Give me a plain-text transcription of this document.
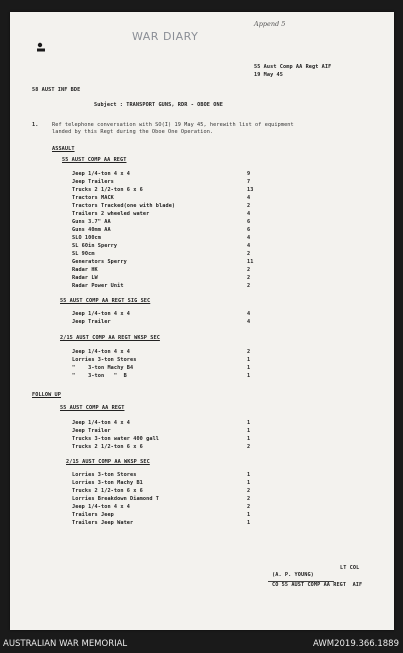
WAR DIARY
Append 5
55 Aust Comp AA Regt AIF
19 May 45
58 AUST INF BDE
Subject : TRANSPORT GUNS, RDR - OBOE ONE
1.	Ref telephone conversation with SO(I) 19 May 45, herewith list of equipment
landed by this Regt during the Oboe One Operation.
ASSAULT
55 AUST COMP AA REGT
Jeep 1/4-ton 4 x 4	9
Jeep Trailers	7
Trucks 2 1/2-ton 6 x 6	13
Tractors MACK	4
Tractors Tracked(one with blade)	2
Trailers 2 wheeled water	4
Guns 3.7" AA	6
Guns 40mm AA	6
SLO 100cm	4
SL 60in Sperry	4
SL 90cm	2
Generators Sperry	11
Radar HK	2
Radar LW	2
Radar Power Unit	2
55 AUST COMP AA REGT SIG SEC
Jeep 1/4-ton 4 x 4	4
Jeep Trailer	4
2/15 AUST COMP AA REGT WKSP SEC
Jeep 1/4-ton 4 x 4	2
Lorries 3-ton Stores	1
"    3-ton Machy B4	1
"    3-ton   "  B	1
FOLLOW UP
55 AUST COMP AA REGT
Jeep 1/4-ton 4 x 4	1
Jeep Trailer	1
Trucks 3-ton water 400 gall	1
Trucks 2 1/2-ton 6 x 6	2
2/15 AUST COMP AA WKSP SEC
Lorries 3-ton Stores	1
Lorries 3-ton Machy B1	1
Trucks 2 1/2-ton 6 x 6	2
Lorries Breakdown Diamond T	2
Jeep 1/4-ton 4 x 4	2
Trailers Jeep	1
Trailers Jeep Water	1
LT COL
(A. P. YOUNG)
CO 55 AUST COMP AA REGT  AIF
AUSTRALIAN WAR MEMORIAL	AWM2019.366.1889
